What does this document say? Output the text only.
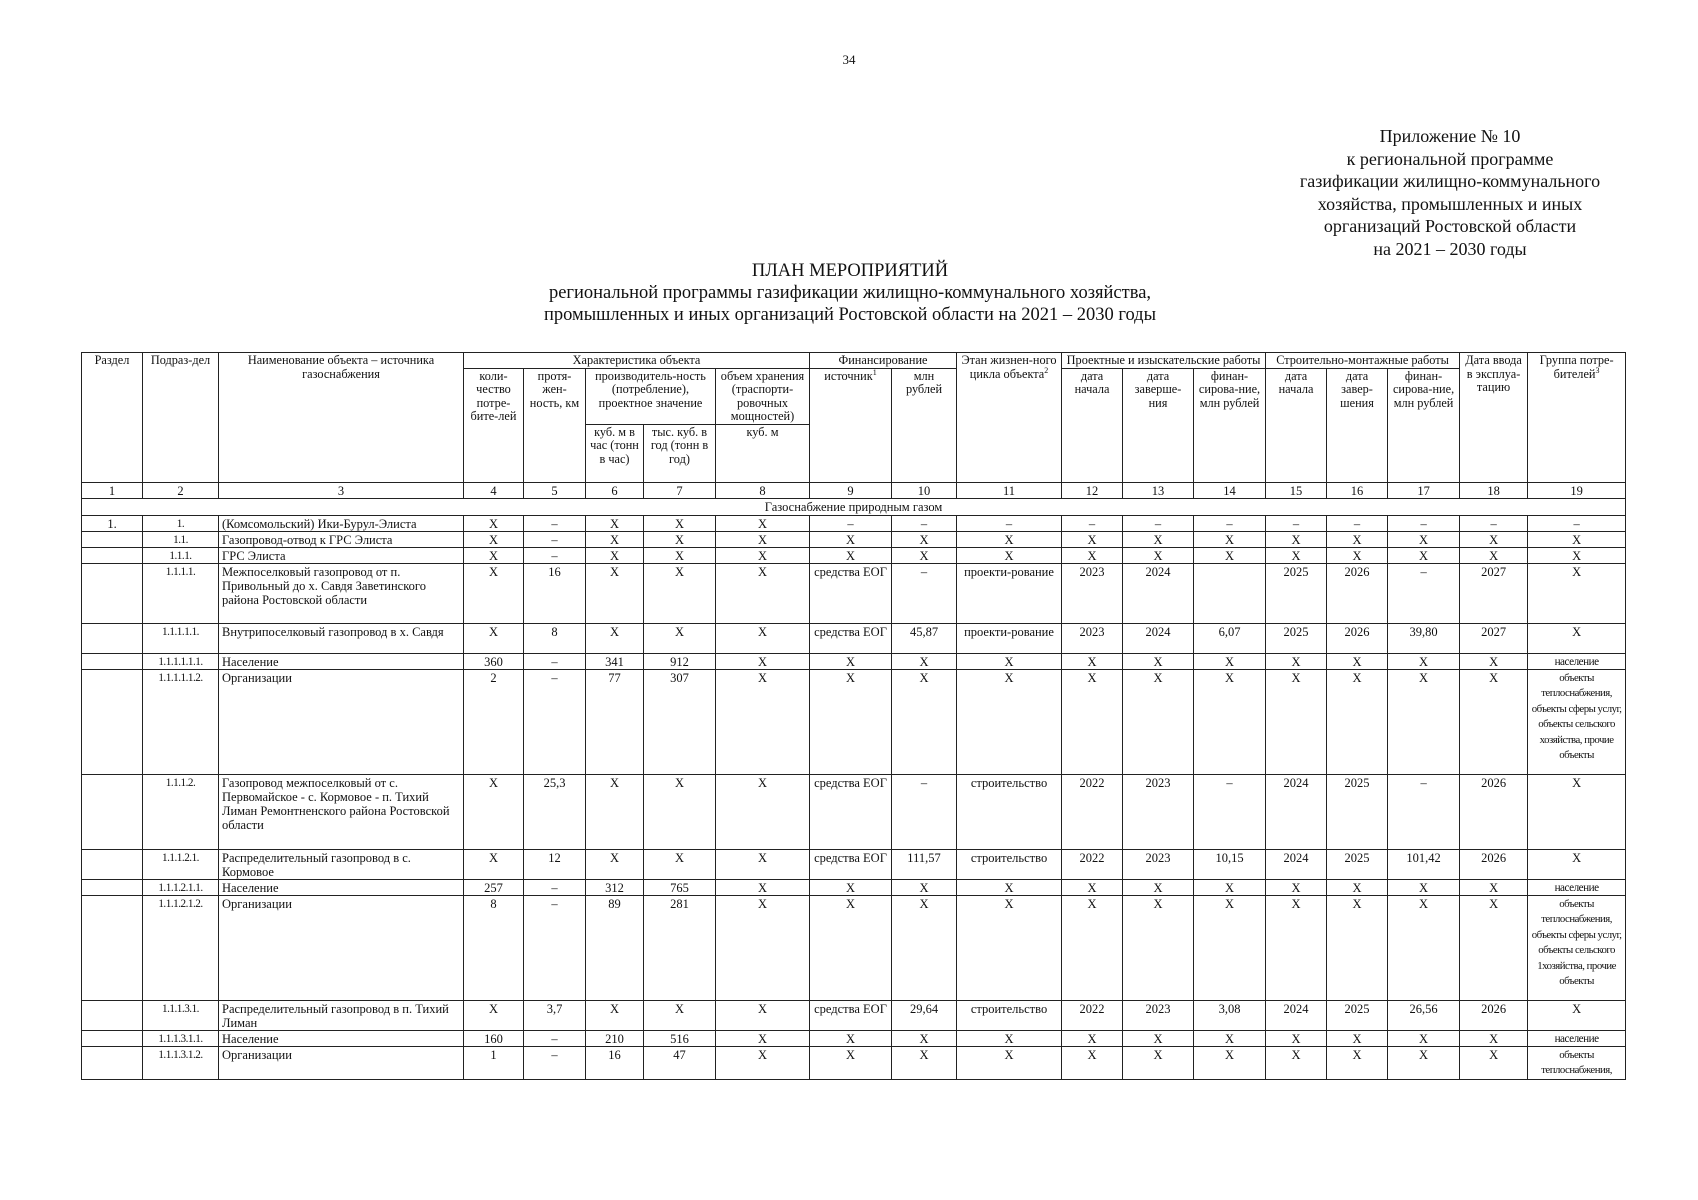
34
Приложение № 10
к региональной программе
газификации жилищно-коммунального
хозяйства, промышленных и иных
организаций Ростовской области
на 2021 – 2030 годы
ПЛАН МЕРОПРИЯТИЙ
региональной программы газификации жилищно-коммунального хозяйства,
промышленных и иных организаций Ростовской области на 2021 – 2030 годы
Раздел	Подраз-дел	Наименование объекта – источника газоснабжения	Характеристика объекта					Финансирование		Этан жизнен-ного цикла объекта$^2$	Проектные и изыскательские работы			Строительно-монтажные работы			Дата ввода в эксплуа-тацию	Группа потре-бителей$^3$
			коли-чество потре-бите-лей	протя-жен-ность, км	производитель-ность (потребление), проектное значение		объем хранения (траспорти-ровочных мощностей)	источник$^1$	млн рублей		дата начала	дата заверше-ния	финан-сирова-ние, млн рублей	дата начала	дата завер-шения	финан-сирова-ние, млн рублей		
					куб. м в час (тонн в час)	тыс. куб. в год (тонн в год)	куб. м											
1	2	3	4	5	6	7	8	9	10	11	12	13	14	15	16	17	18	19
Газоснабжение природным газом																		
1.	1.	(Комсомольский) Ики-Бурул-Элиста	X	–	X	X	X	–	–	–	–	–	–	–	–	–	–	–
	1.1.	Газопровод-отвод к ГРС Элиста	X	–	X	X	X	X	X	X	X	X	X	X	X	X	X	X
	1.1.1.	ГРС Элиста	X	–	X	X	X	X	X	X	X	X	X	X	X	X	X	X
	1.1.1.1.	Межпоселковый газопровод от п. Привольный до х. Савдя Заветинского района Ростовской области	X	16	X	X	X	средства ЕОГ	–	проекти-рование	2023	2024		2025	2026	–	2027	X
	1.1.1.1.1.	Внутрипоселковый газопровод в х. Савдя	X	8	X	X	X	средства ЕОГ	45,87	проекти-рование	2023	2024	6,07	2025	2026	39,80	2027	X
	1.1.1.1.1.1.	Население	360	–	341	912	X	X	X	X	X	X	X	X	X	X	X	население
	1.1.1.1.1.2.	Организации	2	–	77	307	X	X	X	X	X	X	X	X	X	X	X	объекты теплоснабжения, объекты сферы услуг, объекты сельского хозяйства, прочие объекты
	1.1.1.2.	Газопровод межпоселковый от с. Первомайское - с. Кормовое - п. Тихий Лиман Ремонтненского района Ростовской области	X	25,3	X	X	X	средства ЕОГ	–	строительство	2022	2023	–	2024	2025	–	2026	X
	1.1.1.2.1.	Распределительный газопровод в с. Кормовое	X	12	X	X	X	средства ЕОГ	111,57	строительство	2022	2023	10,15	2024	2025	101,42	2026	X
	1.1.1.2.1.1.	Население	257	–	312	765	X	X	X	X	X	X	X	X	X	X	X	население
	1.1.1.2.1.2.	Организации	8	–	89	281	X	X	X	X	X	X	X	X	X	X	X	объекты теплоснабжения, объекты сферы услуг, объекты сельского 1хозяйства, прочие объекты
	1.1.1.3.1.	Распределительный газопровод в п. Тихий Лиман	X	3,7	X	X	X	средства ЕОГ	29,64	строительство	2022	2023	3,08	2024	2025	26,56	2026	X
	1.1.1.3.1.1.	Население	160	–	210	516	X	X	X	X	X	X	X	X	X	X	X	население
	1.1.1.3.1.2.	Организации	1	–	16	47	X	X	X	X	X	X	X	X	X	X	X	объекты теплоснабжения,
